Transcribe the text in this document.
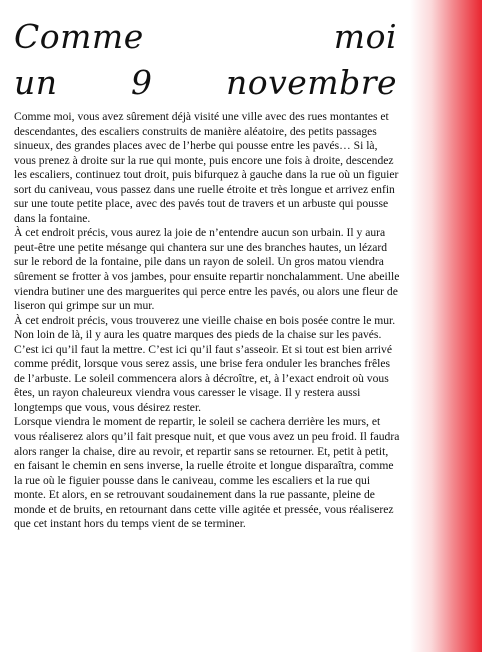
Comme	moi
un 9 novembre

Comme moi, vous avez sûrement déjà visité une ville avec des rues montantes et descendantes, des escaliers construits de manière aléatoire, des petits passages sinueux, des grandes places avec de l’herbe qui pousse entre les pavés… Si là, vous prenez à droite sur la rue qui monte, puis encore une fois à droite, descendez les escaliers, continuez tout droit, puis bifurquez à gauche dans la rue où un figuier sort du caniveau, vous passez dans une ruelle étroite et très longue et arrivez enfin sur une toute petite place, avec des pavés tout de travers et un arbuste qui pousse dans la fontaine.

À cet endroit précis, vous aurez la joie de n’entendre aucun son urbain. Il y aura peut-être une petite mésange qui chantera sur une des branches hautes, un lézard sur le rebord de la fontaine, pile dans un rayon de soleil. Un gros matou viendra sûrement se frotter à vos jambes, pour ensuite repartir nonchalamment. Une abeille viendra butiner une des marguerites qui perce entre les pavés, ou alors une fleur de liseron qui grimpe sur un mur.

À cet endroit précis, vous trouverez une vieille chaise en bois posée contre le mur. Non loin de là, il y aura les quatre marques des pieds de la chaise sur les pavés. C’est ici qu’il faut la mettre. C’est ici qu’il faut s’asseoir. Et si tout est bien arrivé comme prédit, lorsque vous serez assis, une brise fera onduler les branches frêles de l’arbuste. Le soleil commencera alors à décroître, et, à l’exact endroit où vous êtes, un rayon chaleureux viendra vous caresser le visage. Il y restera aussi longtemps que vous, vous désirez rester.

Lorsque viendra le moment de repartir, le soleil se cachera derrière les murs, et vous réaliserez alors qu’il fait presque nuit, et que vous avez un peu froid. Il faudra alors ranger la chaise, dire au revoir, et repartir sans se retourner. Et, petit à petit, en faisant le chemin en sens inverse, la ruelle étroite et longue disparaîtra, comme la rue où le figuier pousse dans le caniveau, comme les escaliers et la rue qui monte. Et alors, en se retrouvant soudainement dans la rue passante, pleine de monde et de bruits, en retournant dans cette ville agitée et pressée, vous réaliserez que cet instant hors du temps vient de se terminer.
